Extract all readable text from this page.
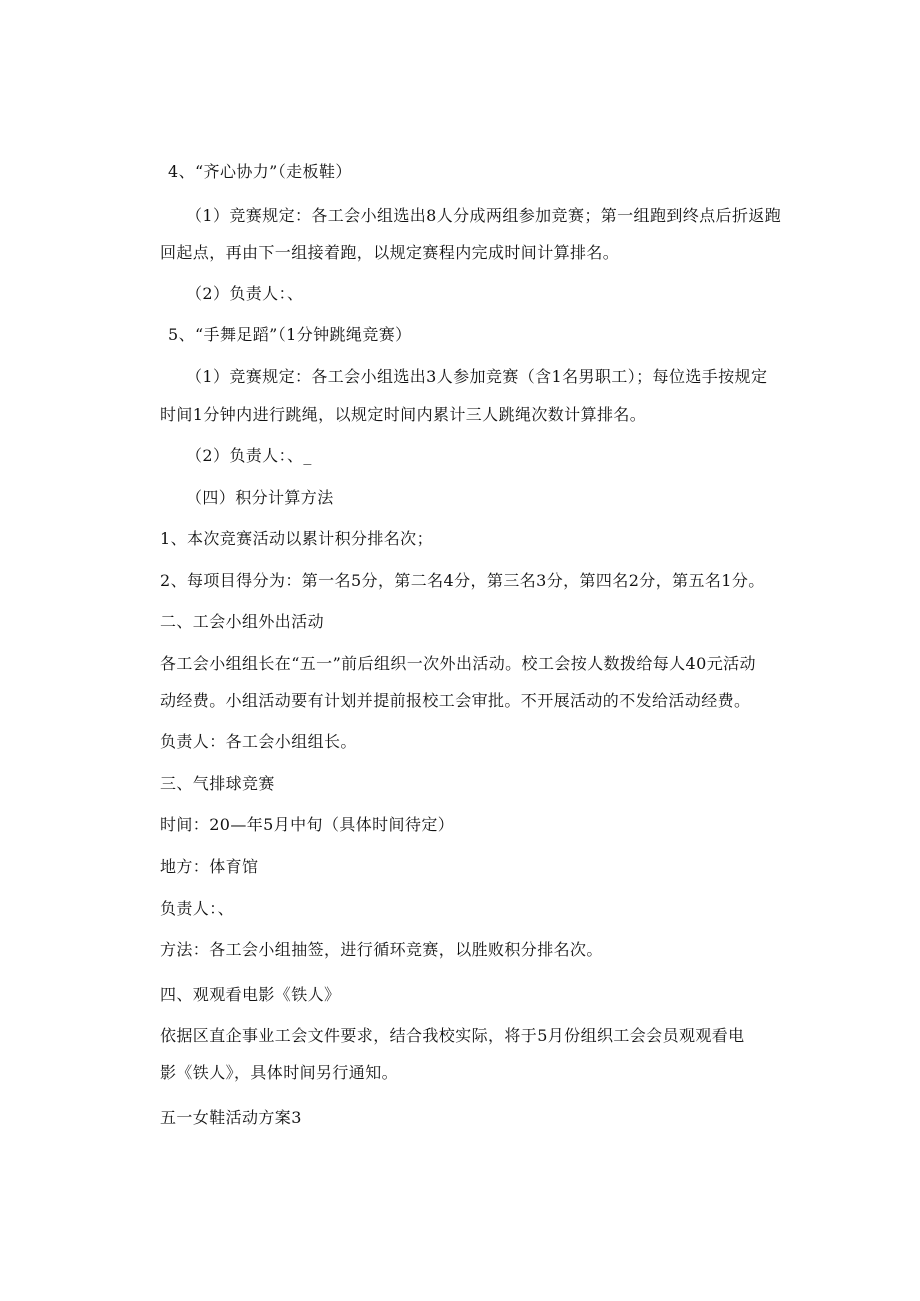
4、“齐心协力”（走板鞋）
（1）竞赛规定：各工会小组选出8人分成两组参加竞赛；第一组跑到终点后折返跑
回起点，再由下一组接着跑，以规定赛程内完成时间计算排名。
（2）负责人：、
5、“手舞足蹈”（1分钟跳绳竞赛）
（1）竞赛规定：各工会小组选出3人参加竞赛（含1名男职工）；每位选手按规定
时间1分钟内进行跳绳，以规定时间内累计三人跳绳次数计算排名。
（2）负责人：、_
（四）积分计算方法
1、本次竞赛活动以累计积分排名次；
2、每项目得分为：第一名5分，第二名4分，第三名3分，第四名2分，第五名1分。
二、工会小组外出活动
各工会小组组长在“五一”前后组织一次外出活动。校工会按人数拨给每人40元活动
动经费。小组活动要有计划并提前报校工会审批。不开展活动的不发给活动经费。
负责人：各工会小组组长。
三、气排球竞赛
时间：20—年5月中旬（具体时间待定）
地方：体育馆
负责人：、
方法：各工会小组抽签，进行循环竞赛，以胜败积分排名次。
四、观观看电影《铁人》
依据区直企事业工会文件要求，结合我校实际，将于5月份组织工会会员观观看电
影《铁人》，具体时间另行通知。
五一女鞋活动方案3
